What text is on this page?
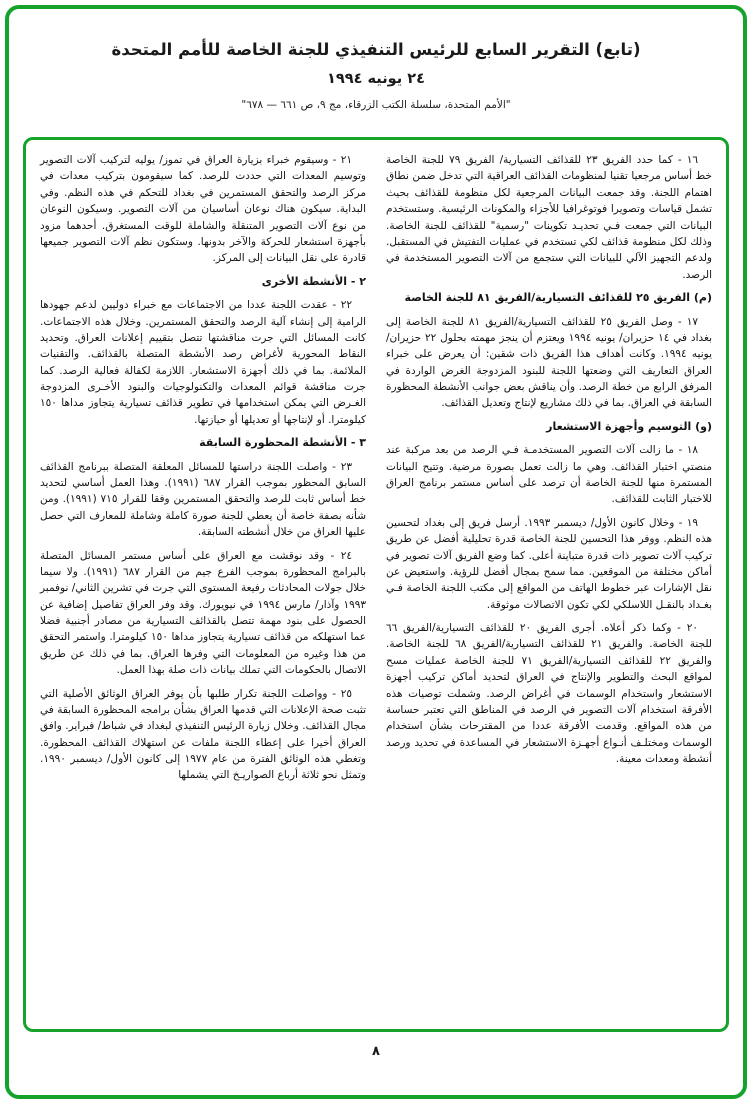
(تابع) التقرير السابع للرئيس التنفيذي للجنة الخاصة للأمم المتحدة
٢٤ يونيه ١٩٩٤
"الأمم المتحدة، سلسلة الكتب الزرقاء، مج ٩، ص ٦٦١ — ٦٧٨"

١٦ - كما حدد الفريق ٢٣ للقذائف التسيارية/ الفريق ٧٩ للجنة الخاصة خط أساس مرجعيا تقنيا لمنظومات القذائف العراقية التي تدخل ضمن نطاق اهتمام اللجنة. وقد جمعت البيانات المرجعية لكل منظومة للقذائف بحيث تشمل قياسات وتصويرا فوتوغرافيا للأجزاء والمكونات الرئيسية. وستستخدم البيانات التي جمعت فـي تحديـد تكوينات "رسمية" للقذائف للجنة الخاصة. وذلك لكل منظومة قذائف لكي تستخدم في عمليات التفتيش في المستقبل. ولدعم التجهيز الآلي للبيانات التي ستجمع من آلات التصوير المستخدمة في الرصد.

(م) الفريق ٢٥ للقذائف التسيارية/الفريق ٨١ للجنة الخاصة

١٧ - وصل الفريق ٢٥ للقذائف التسيارية/الفريق ٨١ للجنة الخاصة إلى بغداد في ١٤ حزيران/ يونيه ١٩٩٤ ويعتزم أن ينجز مهمته بحلول ٢٢ حزيران/ يونيه ١٩٩٤. وكانت أهداف هذا الفريق ذات شقين: أن يعرض على خبراء العراق التعاريف التي وضعتها اللجنة للبنود المزدوجة الغرض الواردة في المرفق الرابع من خطة الرصد. وأن يناقش بعض جوانب الأنشطة المحظورة السابقة في العراق. بما في ذلك مشاريع لإنتاج وتعديل القذائف.

(و) التوسيم وأجهزة الاستشعار

١٨ - ما زالت آلات التصوير المستخدمـة فـي الرصد من بعد مركبة عند منصتي اختبار القذائف. وهي ما زالت تعمل بصورة مرضية. وتتيح البيانات المستمرة منها للجنة الخاصة أن ترصد على أساس مستمر برنامج العراق للاختبار الثابت للقذائف.

١٩ - وخلال كانون الأول/ ديسمبر ١٩٩٣. أرسل فريق إلى بغداد لتحسين هذه النظم. ووفر هذا التحسين للجنة الخاصة قدرة تحليلية أفضل عن طريق تركيب آلات تصوير ذات قدرة متباينة أعلى. كما وضع الفريق آلات تصوير في أماكن مختلفة من الموقعين. مما سمح بمجال أفضل للرؤية. واستعيض عن نقل الإشارات عبر خطوط الهاتف من المواقع إلى مكتب اللجنة الخاصة فـي بغـداد بالنقـل اللاسلكي لكي تكون الاتصالات موثوقة.

٢٠ - وكما ذكر أعلاه. أجرى الفريق ٢٠ للقذائف التسيارية/الفريق ٦٦ للجنة الخاصة. والفريق ٢١ للقذائف التسيارية/الفريق ٦٨ للجنة الخاصة. والفريق ٢٢ للقذائف التسيارية/الفريق ٧١ للجنة الخاصة عمليات مسح لمواقع البحث والتطوير والإنتاج في العراق لتحديد أماكن تركيب أجهزة الاستشعار واستخدام الوسمات في أغراض الرصد. وشملت توصيات هذه الأفرقة استخدام آلات التصوير في الرصد في المناطق التي تعتبر حساسة من هذه المواقع. وقدمت الأفرقة عددا من المقترحات بشأن استخدام الوسمات ومختلـف أنـواع أجهـزة الاستشعار في المساعدة في تحديد ورصد أنشطة ومعدات معينة.

٢١ - وسيقوم خبراء بزيارة العراق في تموز/ يوليه لتركيب آلات التصوير وتوسيم المعدات التي حددت للرصد. كما سيقومون بتركيب معدات في مركز الرصد والتحقق المستمرين في بغداد للتحكم في هذه النظم. وفي البداية. سيكون هناك نوعان أساسيان من آلات التصوير. وسيكون النوعان من نوع آلات التصوير المتنقلة والشاملة للوقت المستغرق. أحدهما مزود بأجهزة استشعار للحركة والآخر بدونها. وستكون نظم آلات التصوير جميعها قادرة على نقل البيانات إلى المركز.

٢ - الأنشطة الأخرى

٢٢ - عقدت اللجنة عددا من الاجتماعات مع خبراء دوليين لدعم جهودها الرامية إلى إنشاء آلية الرصد والتحقق المستمرين. وخلال هذه الاجتماعات. كانت المسائل التي جرت مناقشتها تتصل بتقييم إعلانات العراق. وتحديد النقاط المحورية لأغراض رصد الأنشطة المتصلة بالقذائف. والتقنيات الملائمة. بما في ذلك أجهزة الاستشعار. اللازمة لكفالة فعالية الرصد. كما جرت مناقشة قوائم المعدات والتكنولوجيات والبنود الأخـرى المزدوجة الغـرض التي يمكن استخدامها في تطوير قذائف تسيارية يتجاوز مداها ١٥٠ كيلومترا. أو لإنتاجها أو تعديلها أو حيازتها.

٣ - الأنشطة المحظورة السابقة

٢٣ - واصلت اللجنة دراستها للمسائل المعلقة المتصلة ببرنامج القذائف السابق المحظور بموجب القرار ٦٨٧ (١٩٩١). وهذا العمل أساسي لتحديد خط أساس ثابت للرصد والتحقق المستمرين وفقا للقرار ٧١٥ (١٩٩١). ومن شأنه بصفة خاصة أن يعطي للجنة صورة كاملة وشاملة للمعارف التي حصل عليها العراق من خلال أنشطته السابقة.

٢٤ - وقد نوقشت مع العراق على أساس مستمر المسائل المتصلة بالبرامج المحظورة بموجب الفرع جيم من القرار ٦٨٧ (١٩٩١). ولا سيما خلال جولات المحادثات رفيعة المستوى التي جرت في تشرين الثاني/ نوفمبر ١٩٩٣ وآذار/ مارس ١٩٩٤ في نيويورك. وقد وفر العراق تفاصيل إضافية عن الحصول على بنود مهمة تتصل بالقذائف التسيارية من مصادر أجنبية فضلا عما استهلكه من قذائف تسيارية يتجاوز مداها ١٥٠ كيلومترا. واستمر التحقق من هذا وغيره من المعلومات التي وفرها العراق. بما في ذلك عن طريق الاتصال بالحكومات التي تملك بيانات ذات صلة بهذا العمل.

٢٥ - وواصلت اللجنة تكرار طلبها بأن يوفر العراق الوثائق الأصلية التي تثبت صحة الإعلانات التي قدمها العراق بشأن برامجه المحظورة السابقة في مجال القذائف. وخلال زيارة الرئيس التنفيذي لبغداد في شباط/ فبراير. وافق العراق أخيرا على إعطاء اللجنة ملفات عن استهلاك القذائف المحظورة. وتغطي هذه الوثائق الفترة من عام ١٩٧٧ إلى كانون الأول/ ديسمبر ١٩٩٠. وتمثل نحو ثلاثة أرباع الصواريـخ التي يشملها

٨
